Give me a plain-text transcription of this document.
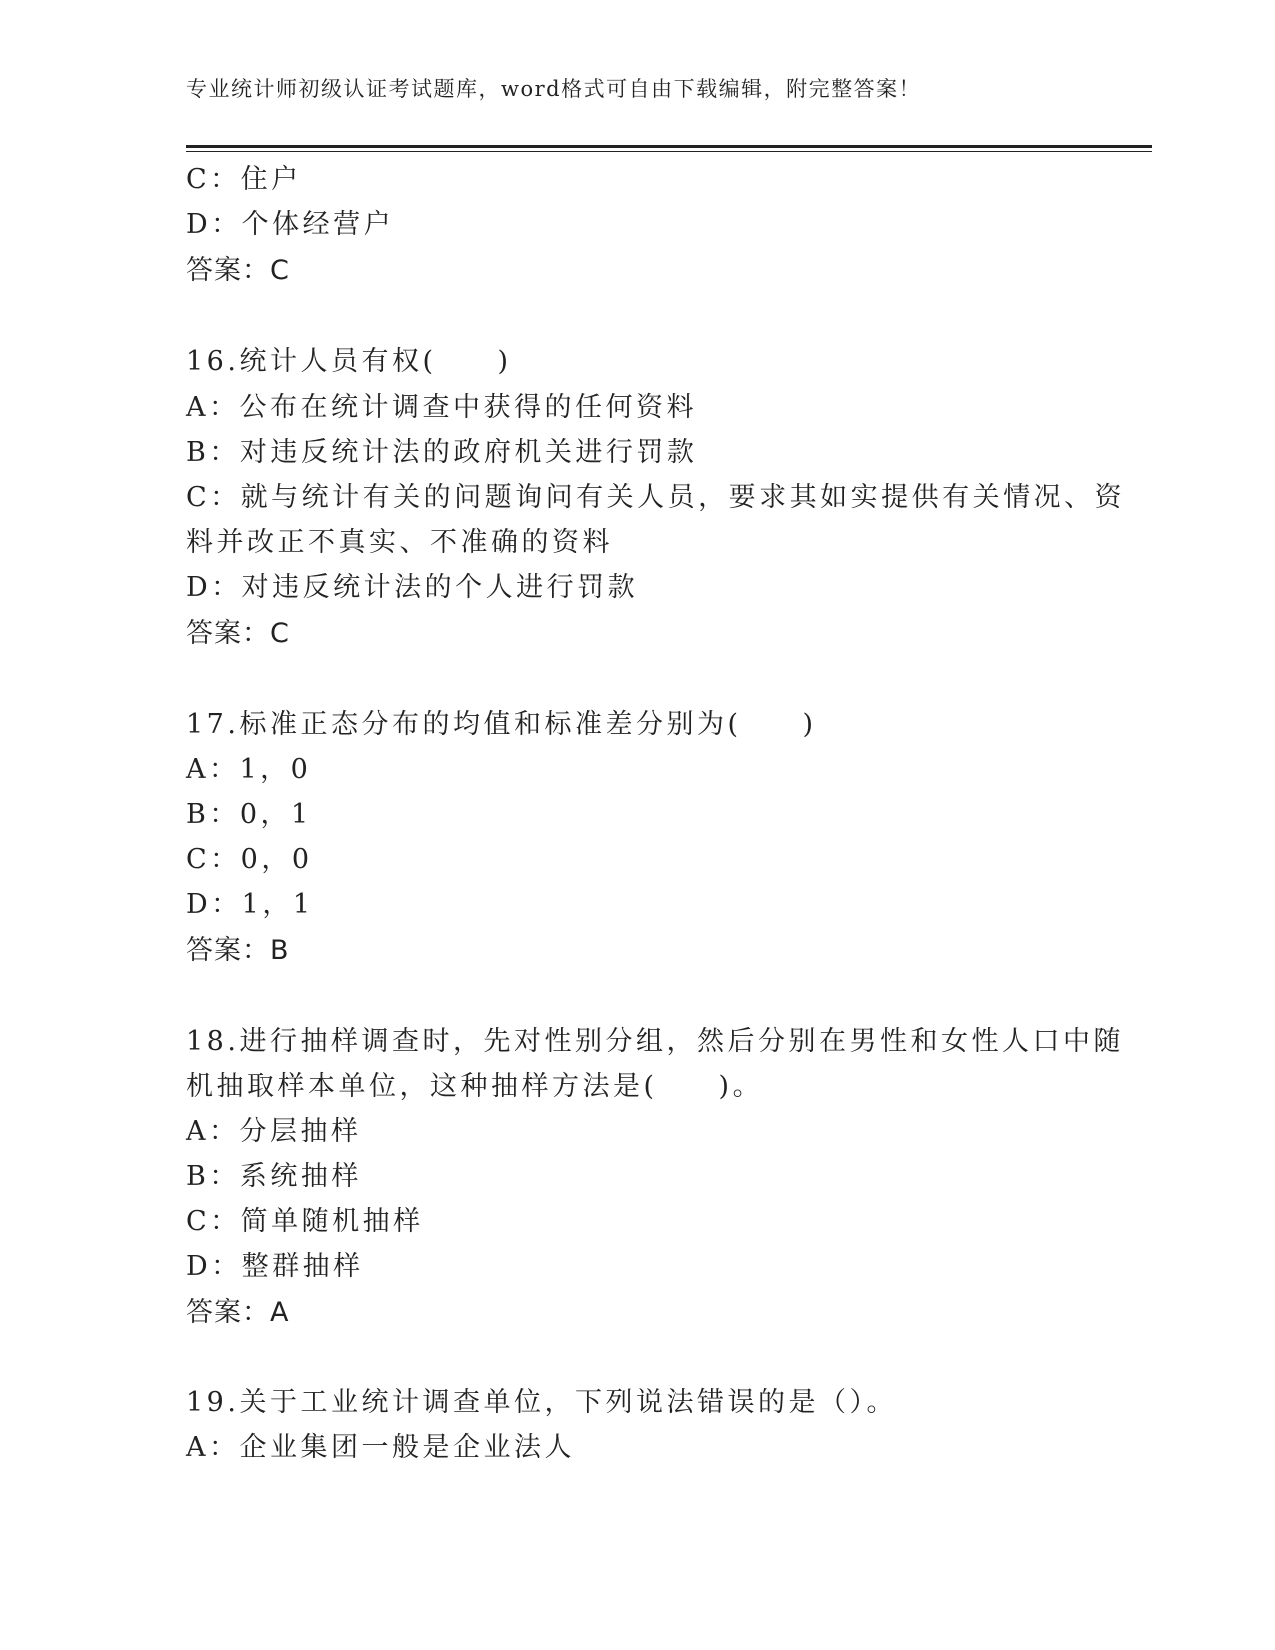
专业统计师初级认证考试题库，word格式可自由下载编辑，附完整答案！
C：住户
D：个体经营户
答案：C
16.统计人员有权(　　)
A：公布在统计调查中获得的任何资料
B：对违反统计法的政府机关进行罚款
C：就与统计有关的问题询问有关人员，要求其如实提供有关情况、资
料并改正不真实、不准确的资料
D：对违反统计法的个人进行罚款
答案：C
17.标准正态分布的均值和标准差分别为(　　)
A：1，0
B：0，1
C：0，0
D：1，1
答案：B
18.进行抽样调查时，先对性别分组，然后分别在男性和女性人口中随
机抽取样本单位，这种抽样方法是(　　)。
A：分层抽样
B：系统抽样
C：简单随机抽样
D：整群抽样
答案：A
19.关于工业统计调查单位，下列说法错误的是（）。
A：企业集团一般是企业法人
